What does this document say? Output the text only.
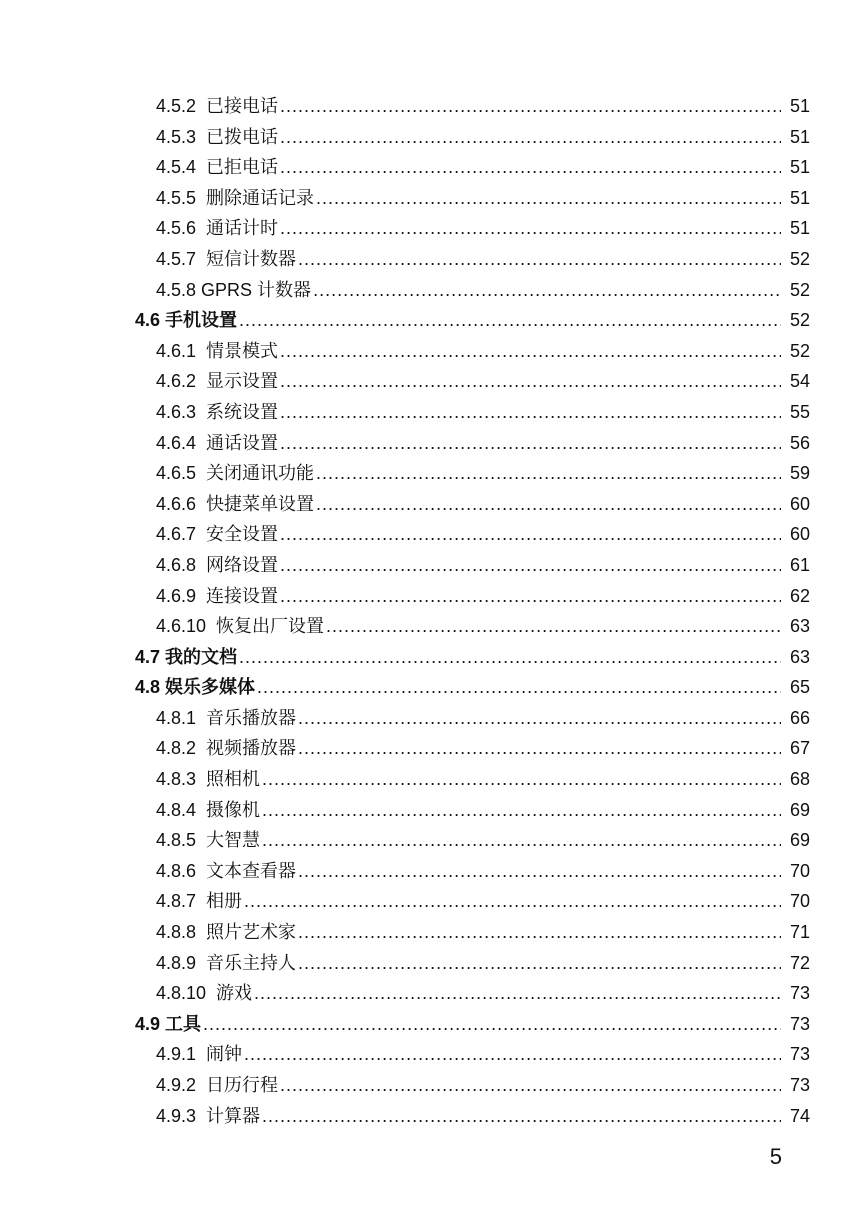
4.5.2  已接电话 .....	51
4.5.3  已拨电话 .....	51
4.5.4  已拒电话 .....	51
4.5.5  删除通话记录 .....	51
4.5.6  通话计时 .....	51
4.5.7  短信计数器 .....	52
4.5.8 GPRS 计数器 .....	52
4.6 手机设置 .....	52
4.6.1  情景模式 .....	52
4.6.2  显示设置 .....	54
4.6.3  系统设置 .....	55
4.6.4  通话设置 .....	56
4.6.5  关闭通讯功能 .....	59
4.6.6  快捷菜单设置 .....	60
4.6.7  安全设置 .....	60
4.6.8  网络设置 .....	61
4.6.9  连接设置 .....	62
4.6.10  恢复出厂设置 .....	63
4.7 我的文档 .....	63
4.8 娱乐多媒体 .....	65
4.8.1  音乐播放器 .....	66
4.8.2  视频播放器 .....	67
4.8.3  照相机 .....	68
4.8.4  摄像机 .....	69
4.8.5  大智慧 .....	69
4.8.6  文本查看器 .....	70
4.8.7  相册 .....	70
4.8.8  照片艺术家 .....	71
4.8.9  音乐主持人 .....	72
4.8.10  游戏 .....	73
4.9 工具 .....	73
4.9.1  闹钟 .....	73
4.9.2  日历行程 .....	73
4.9.3  计算器 .....	74
5
